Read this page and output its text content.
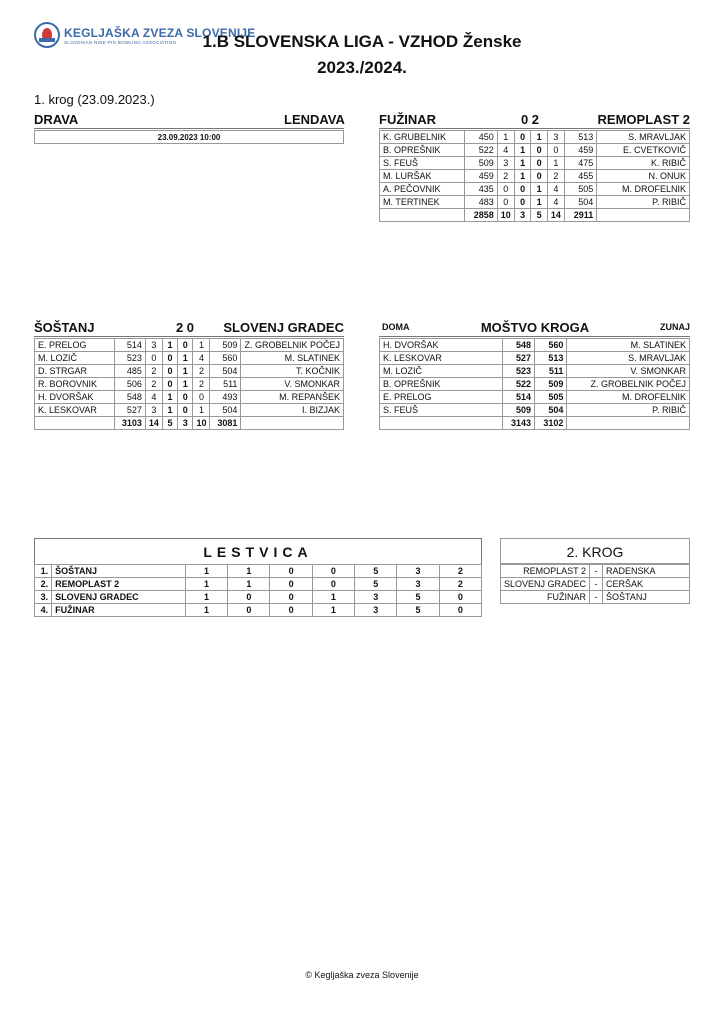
KEGLJAŠKA ZVEZA SLOVENIJE
SLOVENIAN NINE-PIN BOWLING ASSOCIATION	1.B SLOVENSKA LIGA - VZHOD Ženske
2023./2024.
1. krog (23.09.2023.)
DRAVA	LENDAVA
23.09.2023 10:00
FUŽINAR	0 2	REMOPLAST 2
K. GRUBELNIK	450	1	0	1	3	513	S. MRAVLJAK
B. OPREŠNIK	522	4	1	0	0	459	E. CVETKOVIČ
S. FEUŠ	509	3	1	0	1	475	K. RIBIČ
M. LURŠAK	459	2	1	0	2	455	N. ONUK
A. PEČOVNIK	435	0	0	1	4	505	M. DROFELNIK
M. TERTINEK	483	0	0	1	4	504	P. RIBIČ
	2858	10	3	5	14	2911	
ŠOŠTANJ	2 0	SLOVENJ GRADEC
E. PRELOG	514	3	1	0	1	509	Z. GROBELNIK POČEJ
M. LOZIČ	523	0	0	1	4	560	M. SLATINEK
D. STRGAR	485	2	0	1	2	504	T. KOČNIK
R. BOROVNIK	506	2	0	1	2	511	V. SMONKAR
H. DVORŠAK	548	4	1	0	0	493	M. REPANŠEK
K. LESKOVAR	527	3	1	0	1	504	I. BIZJAK
	3103	14	5	3	10	3081	
DOMA	MOŠTVO KROGA	ZUNAJ
H. DVORŠAK	548	560	M. SLATINEK
K. LESKOVAR	527	513	S. MRAVLJAK
M. LOZIČ	523	511	V. SMONKAR
B. OPREŠNIK	522	509	Z. GROBELNIK POČEJ
E. PRELOG	514	505	M. DROFELNIK
S. FEUŠ	509	504	P. RIBIČ
	3143	3102	
LESTVICA
1.	ŠOŠTANJ	1	1	0	0	5	3	2
2.	REMOPLAST 2	1	1	0	0	5	3	2
3.	SLOVENJ GRADEC	1	0	0	1	3	5	0
4.	FUŽINAR	1	0	0	1	3	5	0
2. KROG
REMOPLAST 2	-	RADENSKA
SLOVENJ GRADEC	-	CERŠAK
FUŽINAR	-	ŠOŠTANJ
© Kegljaška zveza Slovenije
